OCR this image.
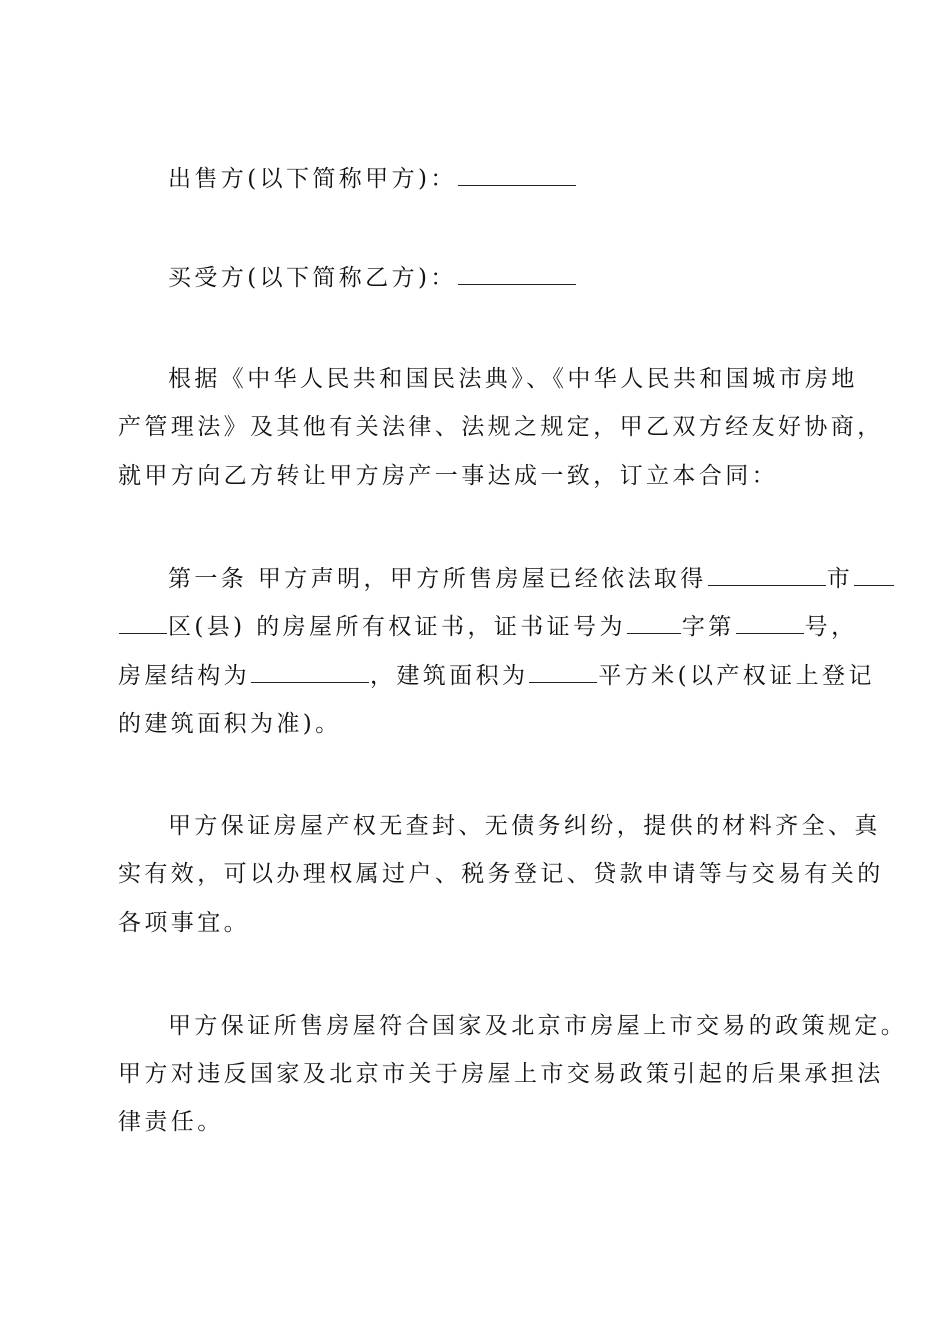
出售方(以下简称甲方)：
买受方(以下简称乙方)：
根据《中华人民共和国民法典》、《中华人民共和国城市房地
产管理法》及其他有关法律、法规之规定，甲乙双方经友好协商，
就甲方向乙方转让甲方房产一事达成一致，订立本合同：
第一条 甲方声明，甲方所售房屋已经依法取得	市
区(县) 的房屋所有权证书，证书证号为 字第	号，
房屋结构为	，建筑面积为	平方米(以产权证上登记
的建筑面积为准)。
甲方保证房屋产权无查封、无债务纠纷，提供的材料齐全、真
实有效，可以办理权属过户、税务登记、贷款申请等与交易有关的
各项事宜。
甲方保证所售房屋符合国家及北京市房屋上市交易的政策规定。
甲方对违反国家及北京市关于房屋上市交易政策引起的后果承担法
律责任。
